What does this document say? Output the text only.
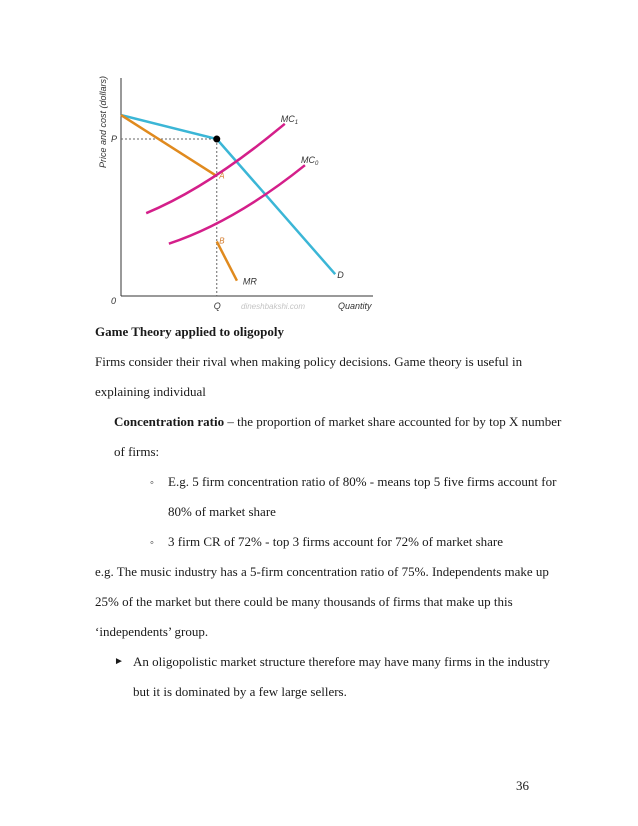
P
Q
D
MR
$MC_1$
$MC_0$
A
B
Price and cost (dollars)
Quantity
dineshbakshi.com
0
Game Theory applied to oligopoly
Firms consider their rival when making policy decisions. Game theory is useful in
explaining individual
Concentration ratio – the proportion of market share accounted for by top X number
of firms:
◦ E.g. 5 firm concentration ratio of 80% - means top 5 five firms account for
80% of market share
◦ 3 firm CR of 72% - top 3 firms account for 72% of market share
e.g. The music industry has a 5-firm concentration ratio of 75%. Independents make up
25% of the market but there could be many thousands of firms that make up this
‘independents’ group.
► An oligopolistic market structure therefore may have many firms in the industry
but it is dominated by a few large sellers.
36
